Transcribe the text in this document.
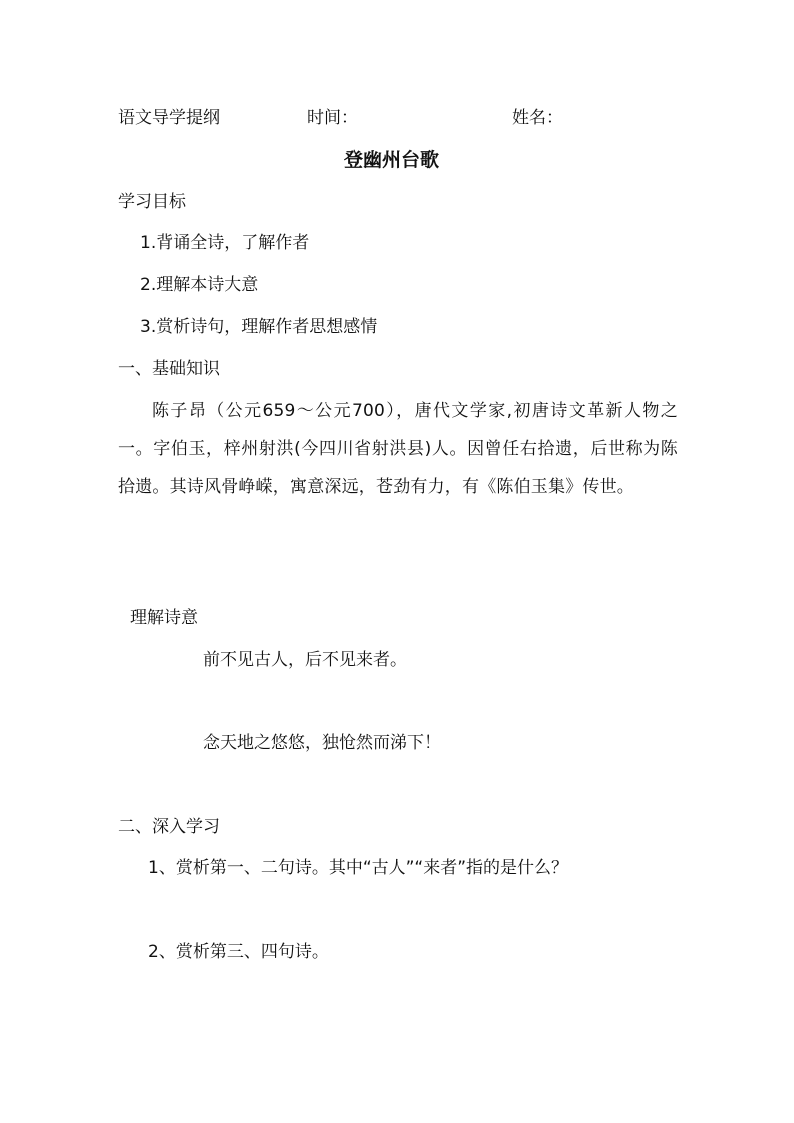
语文导学提纲	时间：	姓名：
登幽州台歌
学习目标
1.背诵全诗，了解作者
2.理解本诗大意
3.赏析诗句，理解作者思想感情
一、基础知识
陈子昂（公元659～公元700），唐代文学家,初唐诗文革新人物之一。字伯玉，梓州射洪(今四川省射洪县)人。因曾任右拾遗，后世称为陈拾遗。其诗风骨峥嵘，寓意深远，苍劲有力，有《陈伯玉集》传世。
理解诗意
前不见古人，后不见来者。
念天地之悠悠，独怆然而涕下！
二、深入学习
1、赏析第一、二句诗。其中“古人”“来者”指的是什么？
2、赏析第三、四句诗。
